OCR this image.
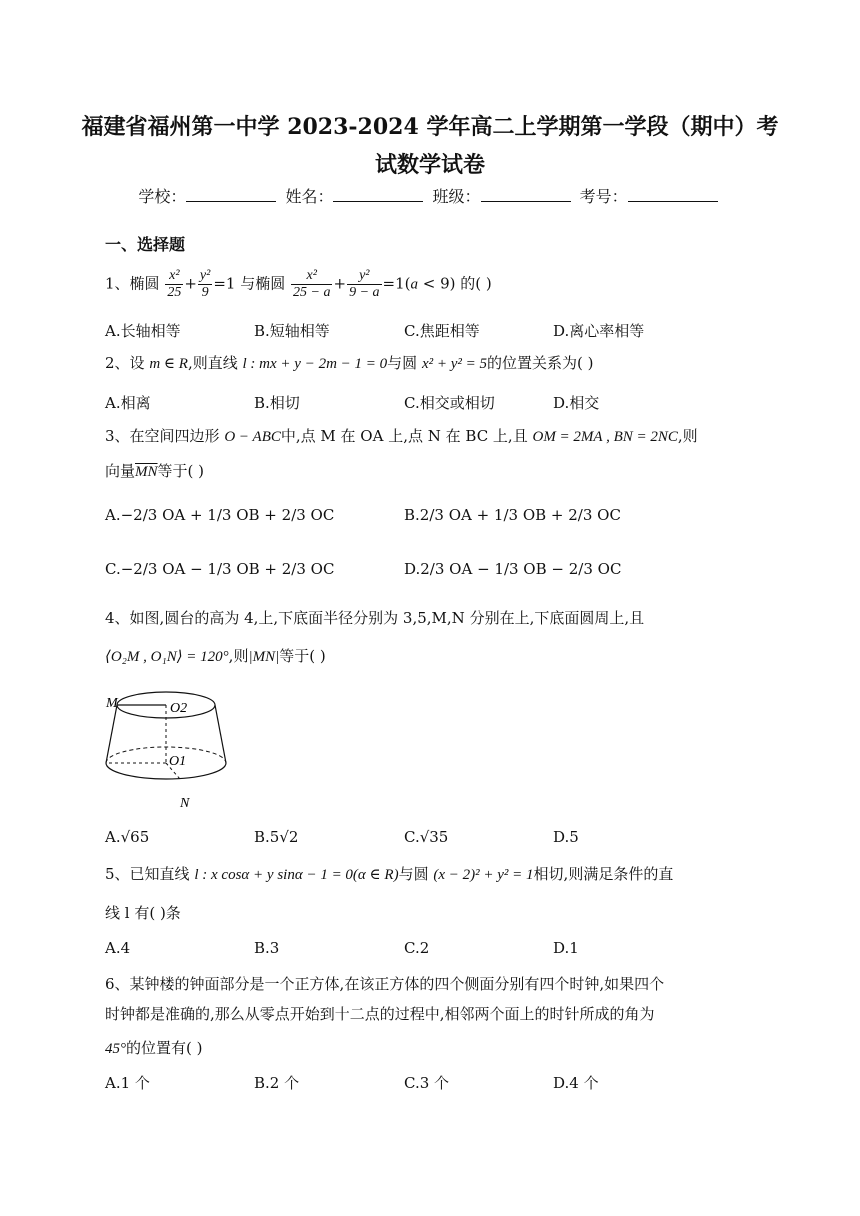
福建省福州第一中学 2023-2024 学年高二上学期第一学段（期中）考
试数学试卷
学校：	姓名：	班级：	考号：
一、选择题
1、椭圆 $\frac{\text{x²}}{25} + \frac{\text{y²}}{9} =1$ 与椭圆 $\frac{\text{x²}}{25 - a} + \frac{\text{y²}}{9 - a} =1(a < 9)$ 的( )
A.长轴相等	B.短轴相等	C.焦距相等	D.离心率相等
2、设 m ∈ R,则直线 l : mx + y − 2m − 1 = 0与圆 x² + y² = 5的位置关系为( )
A.相离	B.相切	C.相交或相切	D.相交
3、在空间四边形 O − ABC中,点 M 在 OA 上,点 N 在 BC 上,且 OM = 2MA , BN = 2NC,则
向量$\overline{MN}$等于( )
A.−2/3 OA + 1/3 OB + 2/3 OC	B.2/3 OA + 1/3 OB + 2/3 OC
C.−2/3 OA − 1/3 OB + 2/3 OC	D.2/3 OA − 1/3 OB − 2/3 OC
4、如图,圆台的高为 4,上,下底面半径分别为 3,5,M,N 分别在上,下底面圆周上,且
⟨O₂M , O₁N⟩ = 120°,则|MN|等于( )
M	O2
O1
N
A.√65	B.5√2	C.√35	D.5
5、已知直线 l : x cosα + y sinα − 1 = 0(α ∈ R)与圆 (x − 2)² + y² = 1相切,则满足条件的直
线 l 有( )条
A.4	B.3	C.2	D.1
6、某钟楼的钟面部分是一个正方体,在该正方体的四个侧面分别有四个时钟,如果四个
时钟都是准确的,那么从零点开始到十二点的过程中,相邻两个面上的时针所成的角为
45°的位置有( )
A.1 个	B.2 个	C.3 个	D.4 个
